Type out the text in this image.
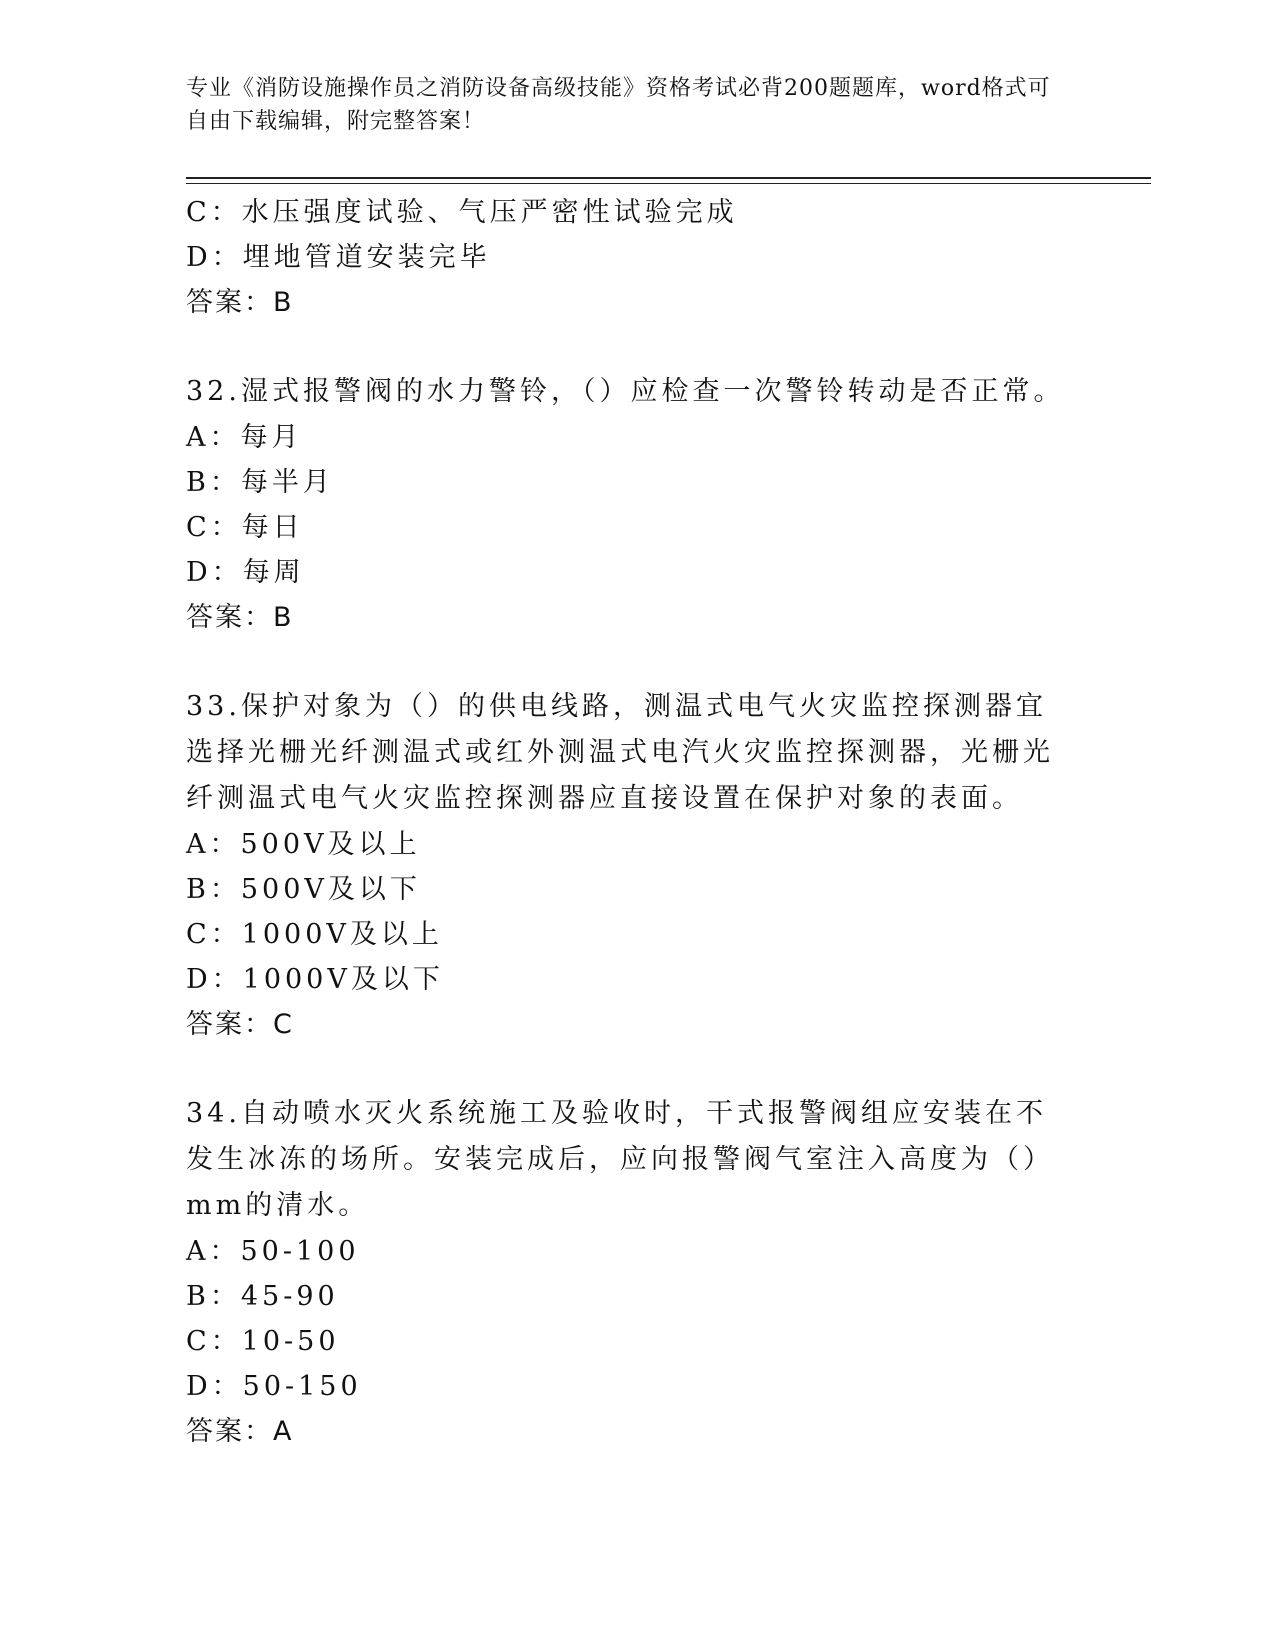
专业《消防设施操作员之消防设备高级技能》资格考试必背200题题库，word格式可自由下载编辑，附完整答案！
C：水压强度试验、气压严密性试验完成
D：埋地管道安装完毕
答案：B
32.湿式报警阀的水力警铃，（）应检查一次警铃转动是否正常。
A：每月
B：每半月
C：每日
D：每周
答案：B
33.保护对象为（）的供电线路，测温式电气火灾监控探测器宜选择光栅光纤测温式或红外测温式电汽火灾监控探测器，光栅光纤测温式电气火灾监控探测器应直接设置在保护对象的表面。
A：500V及以上
B：500V及以下
C：1000V及以上
D：1000V及以下
答案：C
34.自动喷水灭火系统施工及验收时，干式报警阀组应安装在不发生冰冻的场所。安装完成后，应向报警阀气室注入高度为（）mm的清水。
A：50-100
B：45-90
C：10-50
D：50-150
答案：A
